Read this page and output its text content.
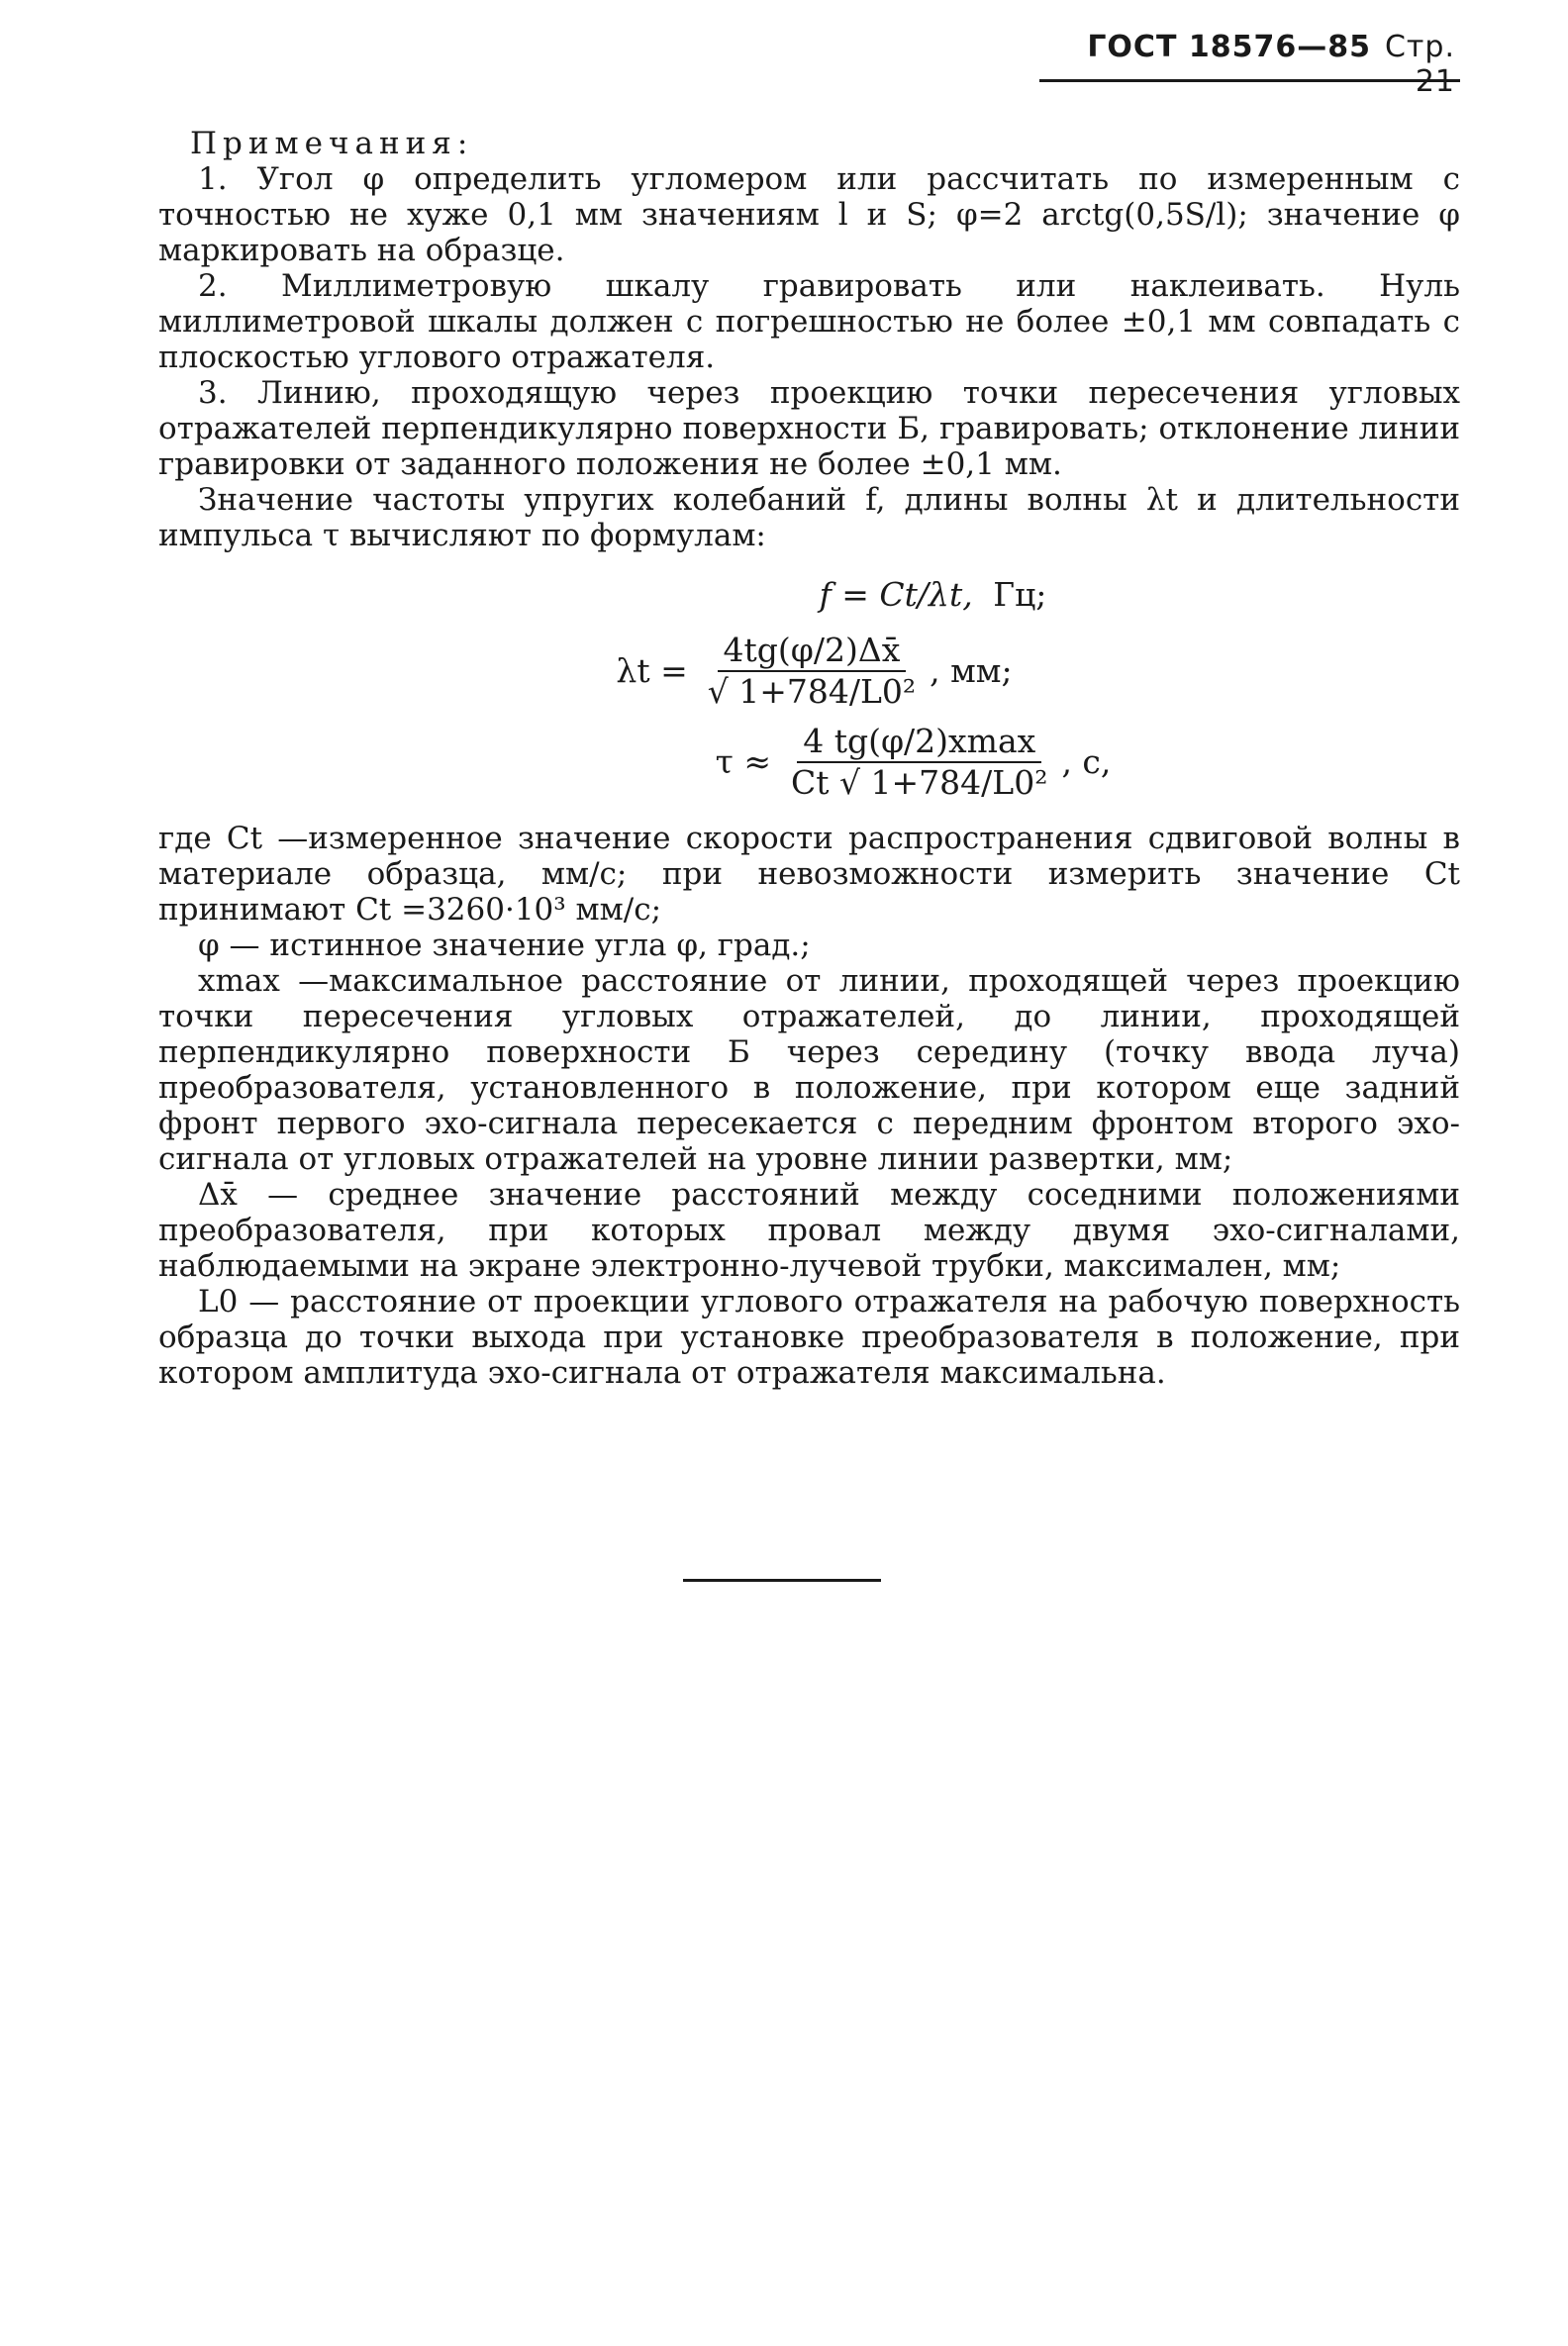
ГОСТ 18576—85 Стр. 21

Примечания:

1. Угол φ определить угломером или рассчитать по измеренным с точностью не хуже 0,1 мм значениям l и S; φ=2 arctg(0,5S/l); значение φ маркировать на образце.

2. Миллиметровую шкалу гравировать или наклеивать. Нуль миллиметровой шкалы должен с погрешностью не более ±0,1 мм совпадать с плоскостью углового отражателя.

3. Линию, проходящую через проекцию точки пересечения угловых отражателей перпендикулярно поверхности Б, гравировать; отклонение линии гравировки от заданного положения не более ±0,1 мм.

Значение частоты упругих колебаний f, длины волны λt и длительности импульса τ вычисляют по формулам:

f = Ct/λt, Гц;
$\lambda t = \frac{4tg(\varphi/2)\Delta x̄}{\text{√ 1+784/L0²}}$ , мм;
$\tau \approx \frac{4 tg(\varphi/2)xmax}{\text{Ct √ 1+784/L0²}}$ , с,

где Ct —измеренное значение скорости распространения сдвиговой волны в материале образца, мм/с; при невозможности измерить значение Ct принимают Ct =3260·10³ мм/с;

φ — истинное значение угла φ, град.;

xmax —максимальное расстояние от линии, проходящей через проекцию точки пересечения угловых отражателей, до линии, проходящей перпендикулярно поверхности Б через середину (точку ввода луча) преобразователя, установленного в положение, при котором еще задний фронт первого эхо-сигнала пересекается с передним фронтом второго эхо-сигнала от угловых отражателей на уровне линии развертки, мм;

Δx̄ — среднее значение расстояний между соседними положениями преобразователя, при которых провал между двумя эхо-сигналами, наблюдаемыми на экране электронно-лучевой трубки, максимален, мм;

L0 — расстояние от проекции углового отражателя на рабочую поверхность образца до точки выхода при установке преобразователя в положение, при котором амплитуда эхо-сигнала от отражателя максимальна.
